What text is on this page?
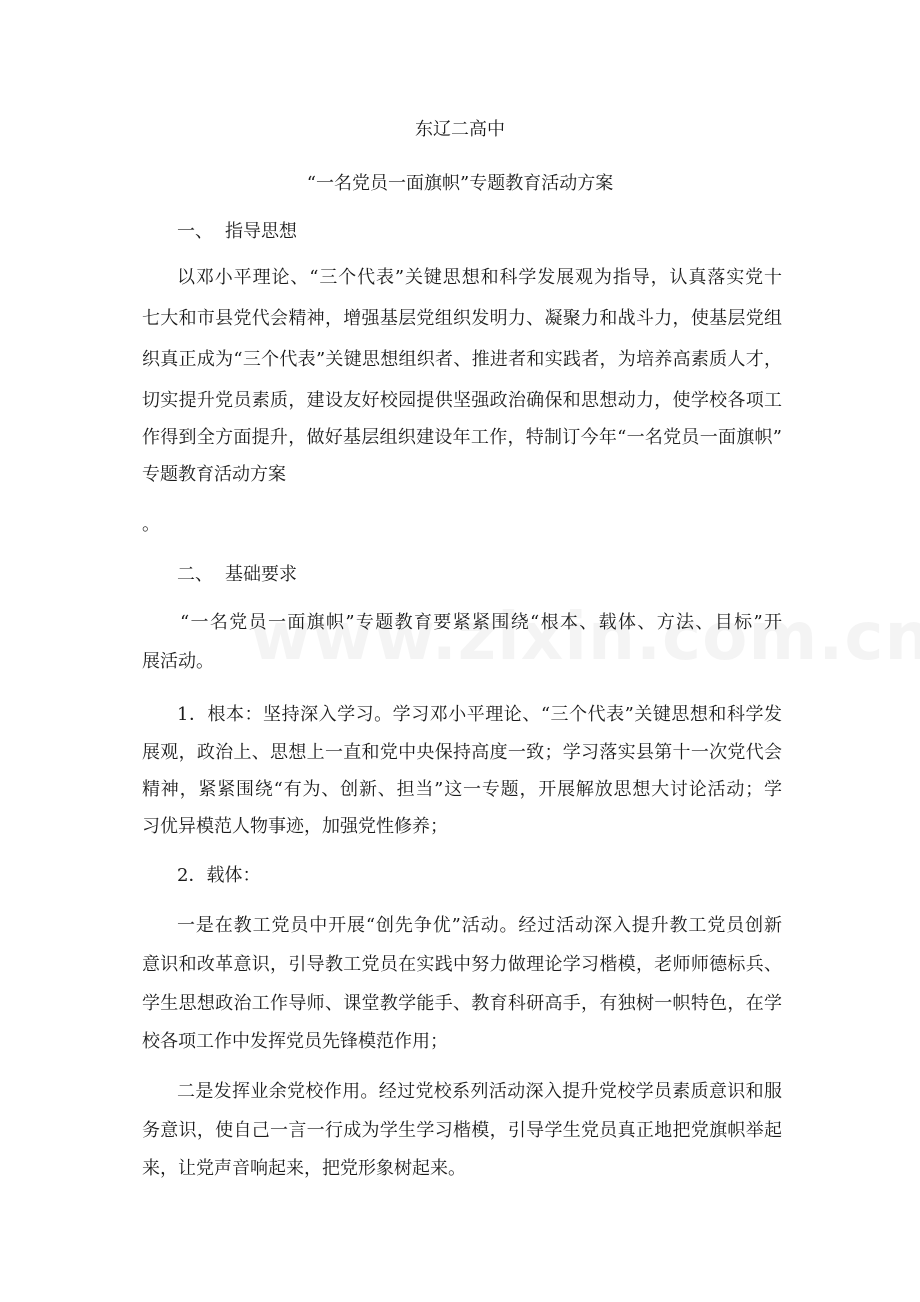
东辽二高中
“一名党员一面旗帜”专题教育活动方案
一、 指导思想
以邓小平理论、“三个代表”关键思想和科学发展观为指导，认真落实党十
七大和市县党代会精神，增强基层党组织发明力、凝聚力和战斗力，使基层党组
织真正成为“三个代表”关键思想组织者、推进者和实践者，为培养高素质人才，
切实提升党员素质，建设友好校园提供坚强政治确保和思想动力，使学校各项工
作得到全方面提升，做好基层组织建设年工作，特制订今年“一名党员一面旗帜”
专题教育活动方案
。
二、 基础要求
“一名党员一面旗帜”专题教育要紧紧围绕“根本、载体、方法、目标”开
展活动。
1．根本：坚持深入学习。学习邓小平理论、“三个代表”关键思想和科学发
展观，政治上、思想上一直和党中央保持高度一致；学习落实县第十一次党代会
精神，紧紧围绕“有为、创新、担当”这一专题，开展解放思想大讨论活动；学
习优异模范人物事迹，加强党性修养；
2．载体：
一是在教工党员中开展“创先争优”活动。经过活动深入提升教工党员创新
意识和改革意识，引导教工党员在实践中努力做理论学习楷模，老师师德标兵、
学生思想政治工作导师、课堂教学能手、教育科研高手，有独树一帜特色，在学
校各项工作中发挥党员先锋模范作用；
二是发挥业余党校作用。经过党校系列活动深入提升党校学员素质意识和服
务意识，使自己一言一行成为学生学习楷模，引导学生党员真正地把党旗帜举起
来，让党声音响起来，把党形象树起来。
